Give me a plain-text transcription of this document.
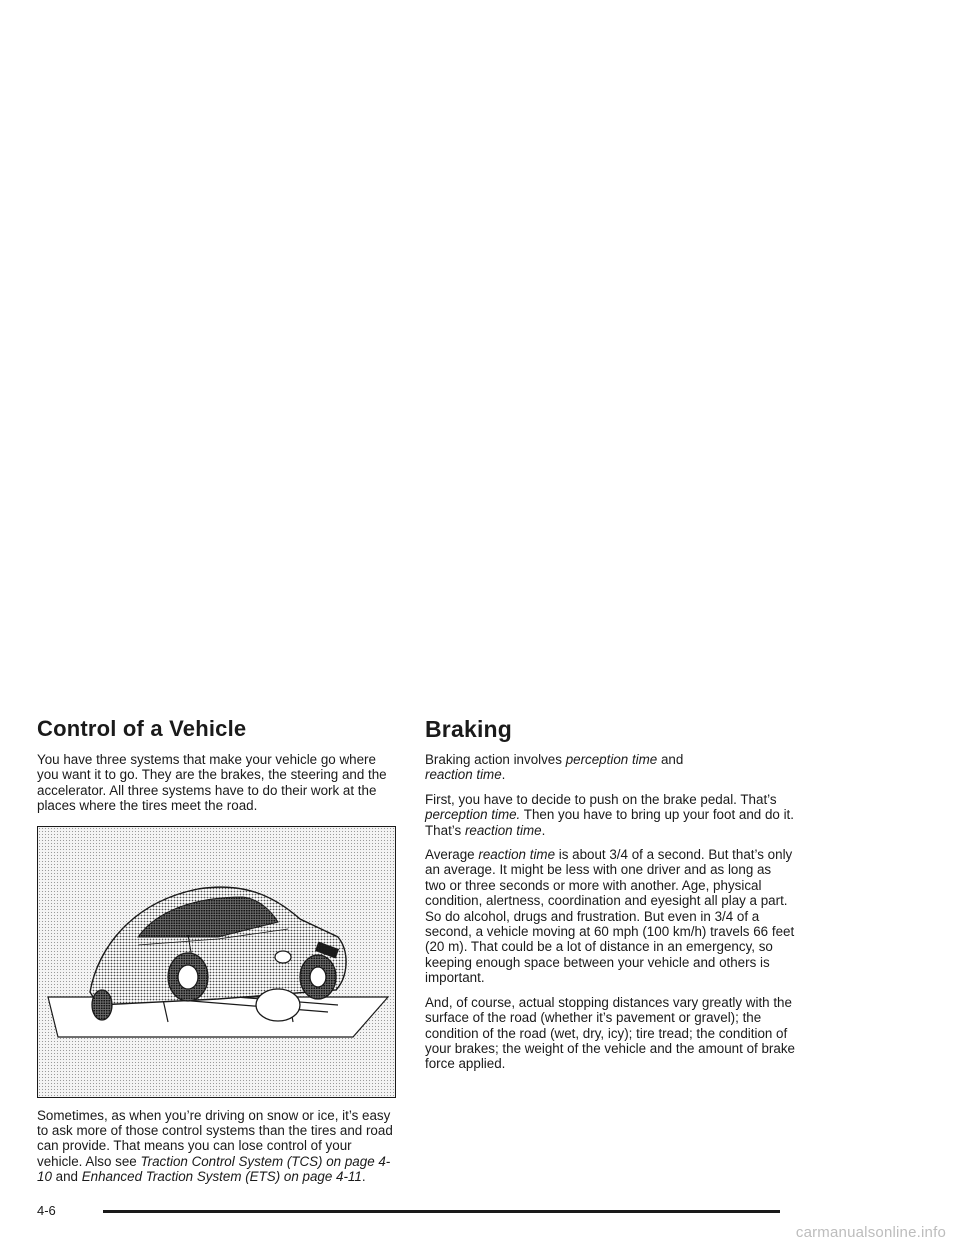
Control of a Vehicle

You have three systems that make your vehicle go where you want it to go. They are the brakes, the steering and the accelerator. All three systems have to do their work at the places where the tires meet the road.

Sometimes, as when you’re driving on snow or ice, it’s easy to ask more of those control systems than the tires and road can provide. That means you can lose control of your vehicle. Also see Traction Control System (TCS) on page 4-10 and Enhanced Traction System (ETS) on page 4-11.

Braking

Braking action involves perception time and
reaction time.

First, you have to decide to push on the brake pedal. That’s perception time. Then you have to bring up your foot and do it. That’s reaction time.

Average reaction time is about 3/4 of a second. But that’s only an average. It might be less with one driver and as long as two or three seconds or more with another. Age, physical condition, alertness, coordination and eyesight all play a part. So do alcohol, drugs and frustration. But even in 3/4 of a second, a vehicle moving at 60 mph (100 km/h) travels 66 feet (20 m). That could be a lot of distance in an emergency, so keeping enough space between your vehicle and others is important.

And, of course, actual stopping distances vary greatly with the surface of the road (whether it’s pavement or gravel); the condition of the road (wet, dry, icy); tire tread; the condition of your brakes; the weight of the vehicle and the amount of brake force applied.

4-6
carmanualsonline.info
